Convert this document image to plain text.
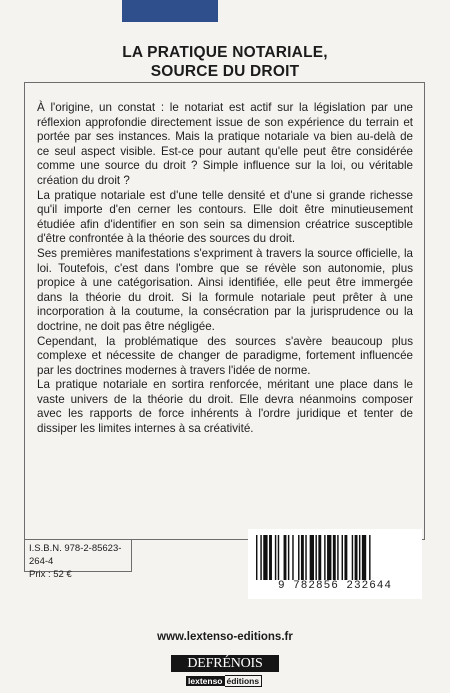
LA PRATIQUE NOTARIALE,
SOURCE DU DROIT

À l'origine, un constat : le notariat est actif sur la législation par une réflexion approfondie directement issue de son expérience du terrain et portée par ses instances. Mais la pratique notariale va bien au-delà de ce seul aspect visible. Est-ce pour autant qu'elle peut être considérée comme une source du droit ? Simple influence sur la loi, ou véritable création du droit ?

La pratique notariale est d'une telle densité et d'une si grande richesse qu'il importe d'en cerner les contours. Elle doit être minutieusement étudiée afin d'identifier en son sein sa dimension créatrice susceptible d'être confrontée à la théorie des sources du droit.

Ses premières manifestations s'expriment à travers la source officielle, la loi. Toutefois, c'est dans l'ombre que se révèle son autonomie, plus propice à une catégorisation. Ainsi identifiée, elle peut être immergée dans la théorie du droit. Si la formule notariale peut prêter à une incorporation à la coutume, la consécration par la jurisprudence ou la doctrine, ne doit pas être négligée.

Cependant, la problématique des sources s'avère beaucoup plus complexe et nécessite de changer de paradigme, fortement influencée par les doctrines modernes à travers l'idée de norme.

La pratique notariale en sortira renforcée, méritant une place dans le vaste univers de la théorie du droit. Elle devra néanmoins composer avec les rapports de force inhérents à l'ordre juridique et tenter de dissiper les limites internes à sa créativité.

I.S.B.N. 978-2-85623-264-4
Prix : 52 €
9 782856 232644
www.lextenso-editions.fr
DEFRÉNOIS
lextenso éditions
